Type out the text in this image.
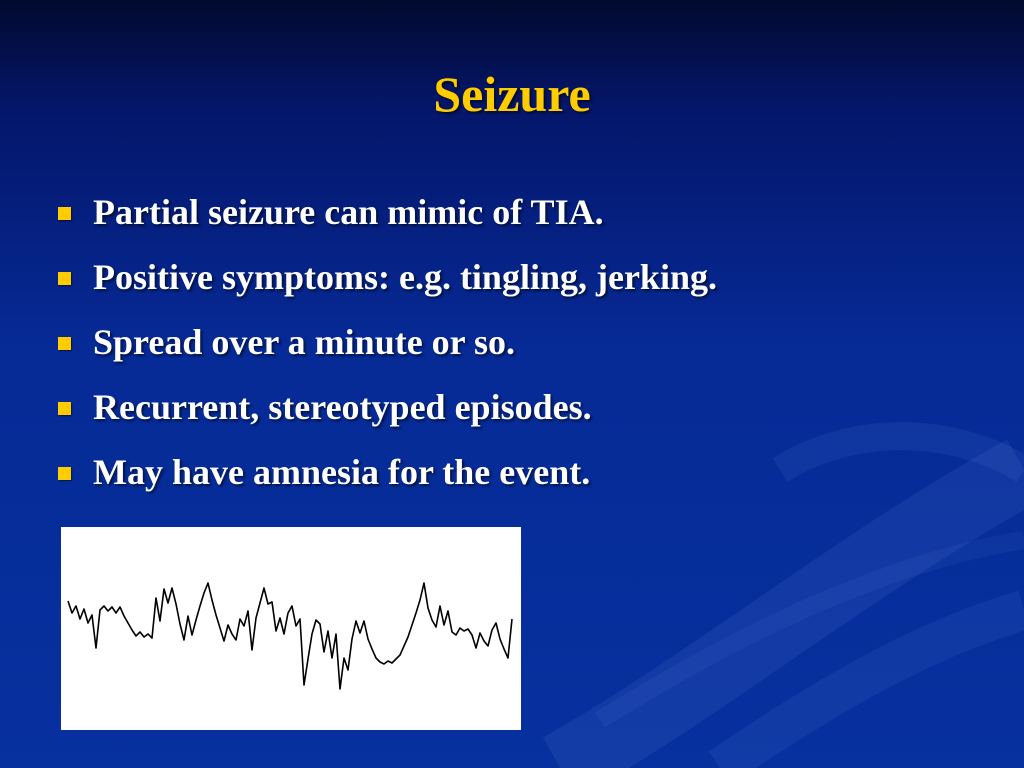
Seizure
Partial seizure can mimic of TIA.
Positive symptoms: e.g. tingling, jerking.
Spread over a minute or so.
Recurrent, stereotyped episodes.
May have amnesia for the event.
